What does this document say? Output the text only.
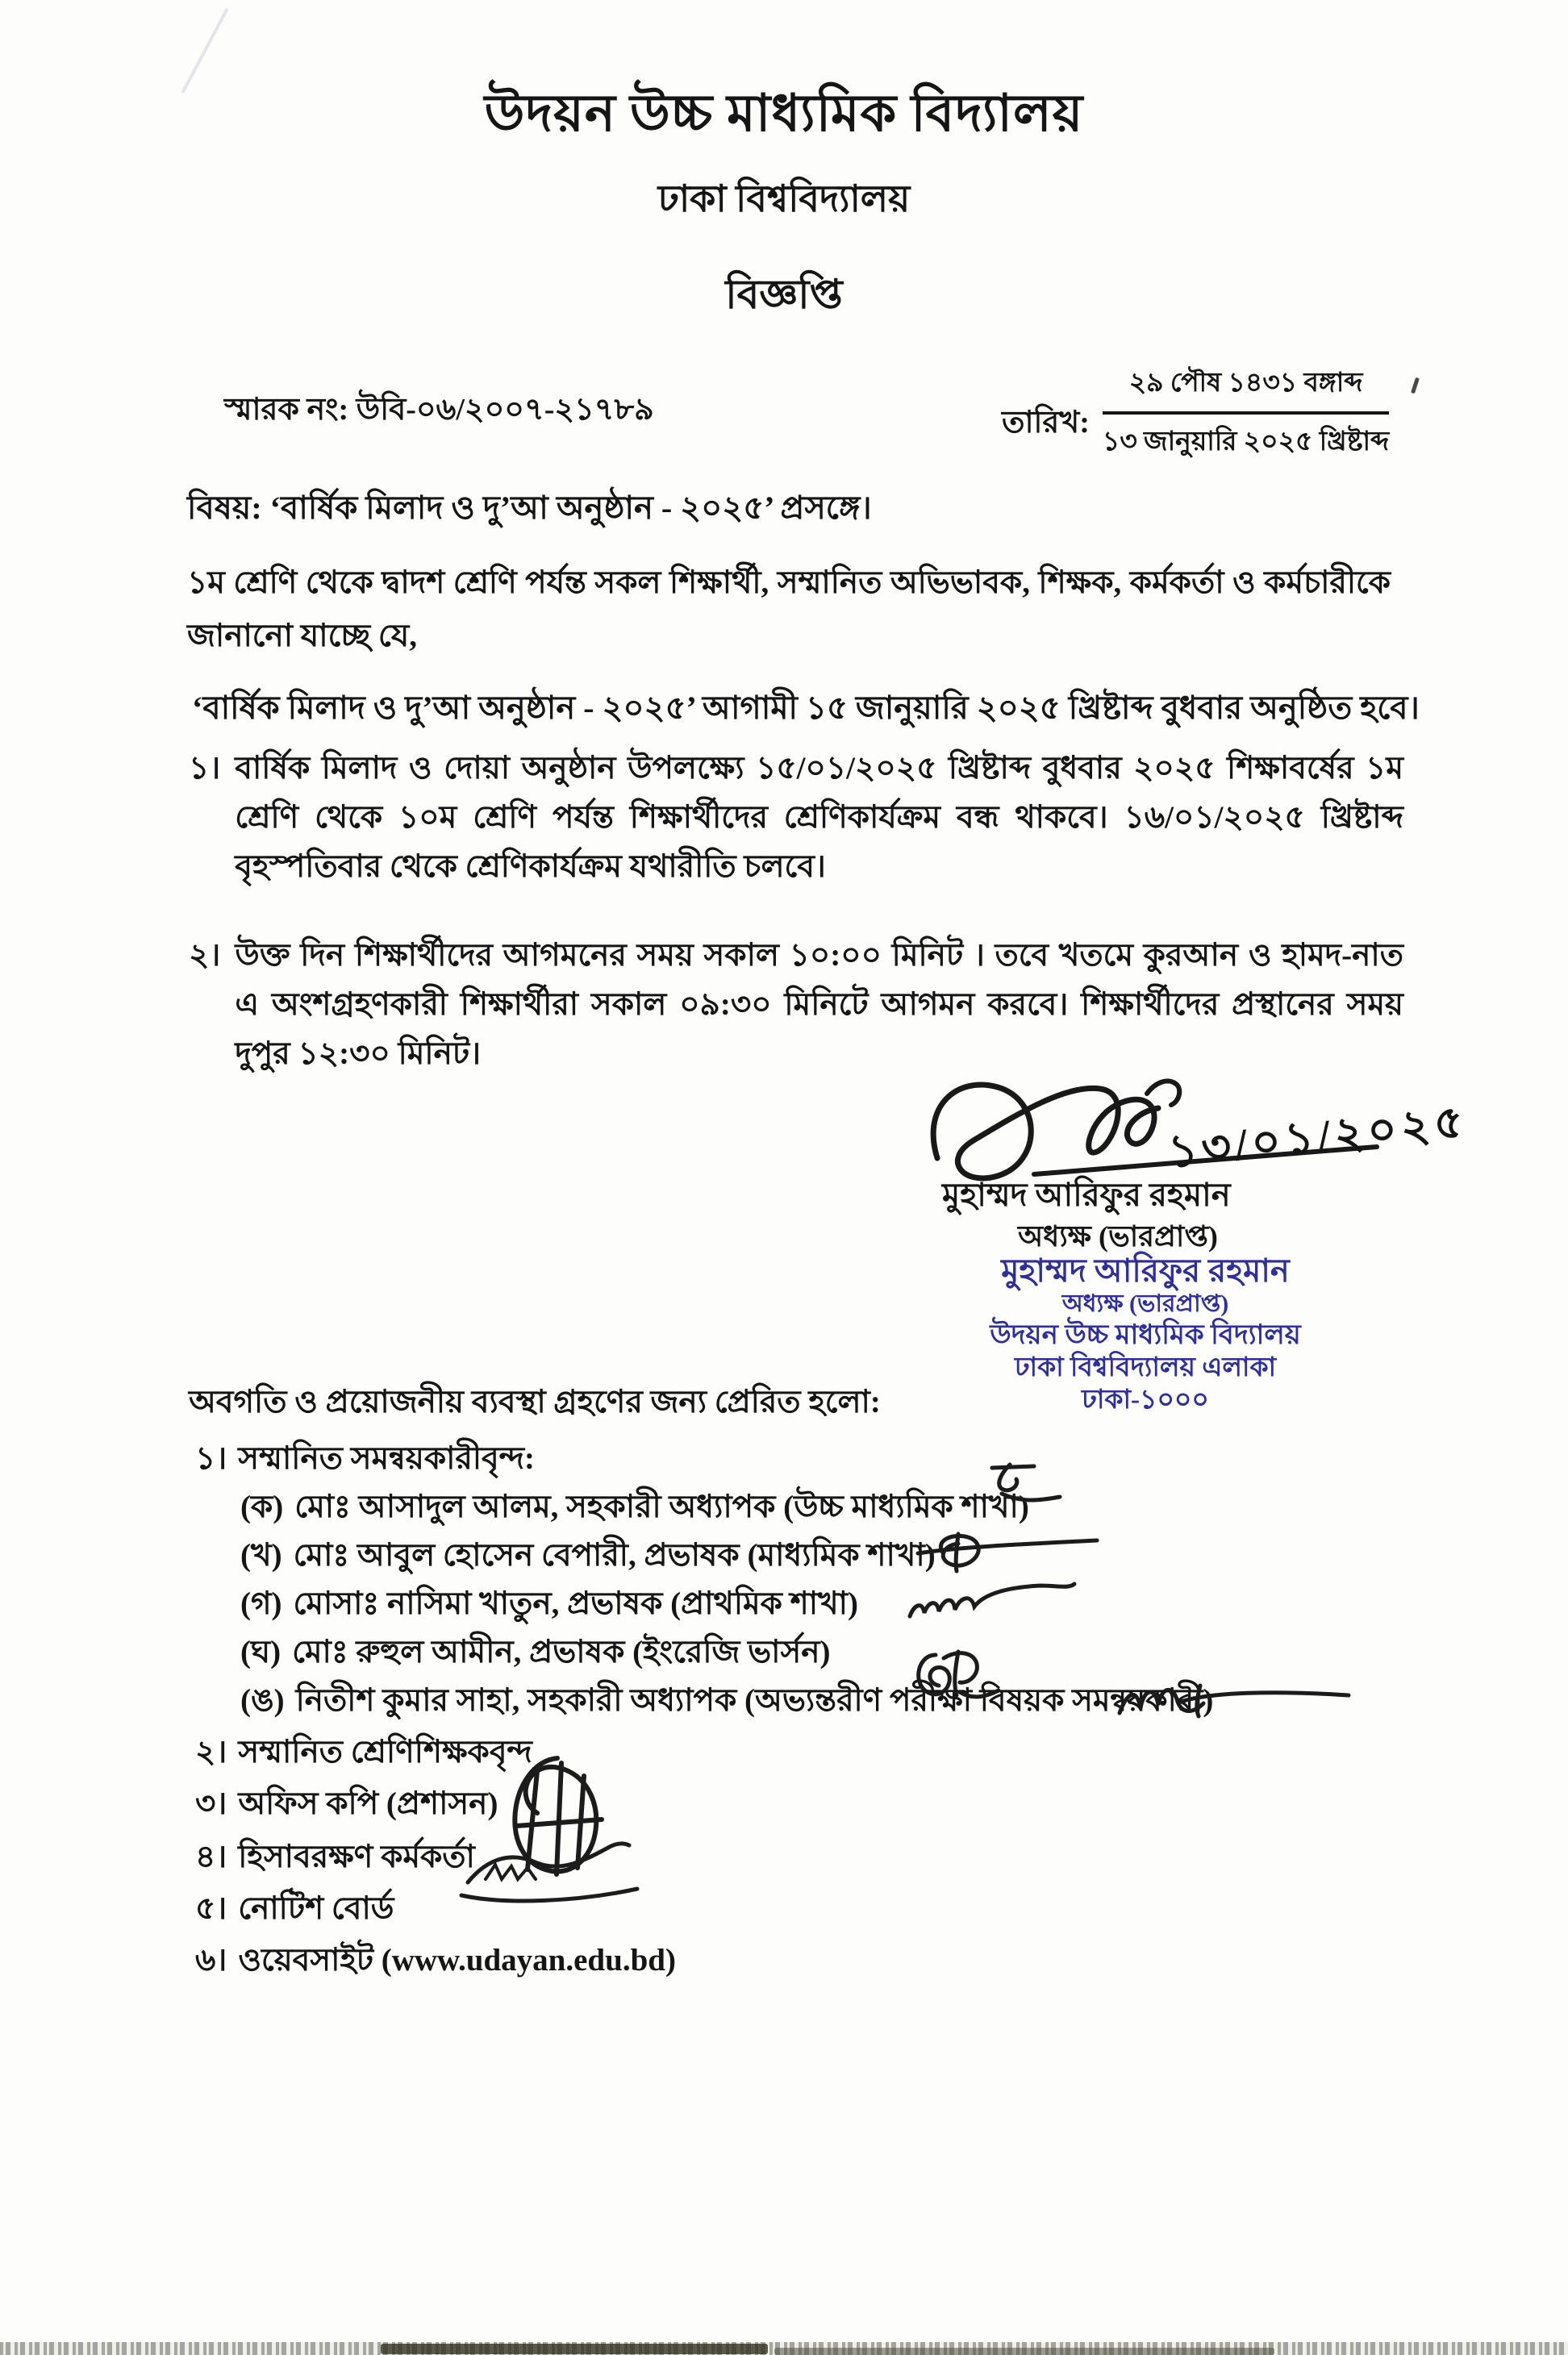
উদয়ন উচ্চ মাধ্যমিক বিদ্যালয়
ঢাকা বিশ্ববিদ্যালয়
বিজ্ঞপ্তি
স্মারক নং: উবি-০৬/২০০৭-২১৭৮৯	তারিখ: $\frac{\text{২৯ পৌষ ১৪৩১ বঙ্গাব্দ}}{\text{১৩ জানুয়ারি ২০২৫ খ্রিষ্টাব্দ}}$
বিষয়: ‘বার্ষিক মিলাদ ও দু’আ অনুষ্ঠান - ২০২৫’ প্রসঙ্গে।
১ম শ্রেণি থেকে দ্বাদশ শ্রেণি পর্যন্ত সকল শিক্ষার্থী, সম্মানিত অভিভাবক, শিক্ষক, কর্মকর্তা ও কর্মচারীকে জানানো যাচ্ছে যে,
‘বার্ষিক মিলাদ ও দু’আ অনুষ্ঠান - ২০২৫’ আগামী ১৫ জানুয়ারি ২০২৫ খ্রিষ্টাব্দ বুধবার অনুষ্ঠিত হবে।
১। বার্ষিক মিলাদ ও দোয়া অনুষ্ঠান উপলক্ষ্যে ১৫/০১/২০২৫ খ্রিষ্টাব্দ বুধবার ২০২৫ শিক্ষাবর্ষের ১ম শ্রেণি থেকে ১০ম শ্রেণি পর্যন্ত শিক্ষার্থীদের শ্রেণিকার্যক্রম বন্ধ থাকবে। ১৬/০১/২০২৫ খ্রিষ্টাব্দ বৃহস্পতিবার থেকে শ্রেণিকার্যক্রম যথারীতি চলবে।
২। উক্ত দিন শিক্ষার্থীদের আগমনের সময় সকাল ১০:০০ মিনিট । তবে খতমে কুরআন ও হামদ-নাত এ অংশগ্রহণকারী শিক্ষার্থীরা সকাল ০৯:৩০ মিনিটে আগমন করবে। শিক্ষার্থীদের প্রস্থানের সময় দুপুর ১২:৩০ মিনিট।
১৩/০১/২০২৫
মুহাম্মদ আরিফুর রহমান
অধ্যক্ষ (ভারপ্রাপ্ত)
মুহাম্মদ আরিফুর রহমান
অধ্যক্ষ (ভারপ্রাপ্ত)
উদয়ন উচ্চ মাধ্যমিক বিদ্যালয়
ঢাকা বিশ্ববিদ্যালয় এলাকা
ঢাকা-১০০০
অবগতি ও প্রয়োজনীয় ব্যবস্থা গ্রহণের জন্য প্রেরিত হলো:
১। সম্মানিত সমন্বয়কারীবৃন্দ:
(ক) মোঃ আসাদুল আলম, সহকারী অধ্যাপক (উচ্চ মাধ্যমিক শাখা)
(খ) মোঃ আবুল হোসেন বেপারী, প্রভাষক (মাধ্যমিক শাখা)
(গ) মোসাঃ নাসিমা খাতুন, প্রভাষক (প্রাথমিক শাখা)
(ঘ) মোঃ রুহুল আমীন, প্রভাষক (ইংরেজি ভার্সন)
(ঙ) নিতীশ কুমার সাহা, সহকারী অধ্যাপক (অভ্যন্তরীণ পরীক্ষা বিষয়ক সমন্বয়কারী)
২। সম্মানিত শ্রেণিশিক্ষকবৃন্দ
৩। অফিস কপি (প্রশাসন)
৪। হিসাবরক্ষণ কর্মকর্তা
৫। নোটিশ বোর্ড
৬। ওয়েবসাইট (www.udayan.edu.bd)
